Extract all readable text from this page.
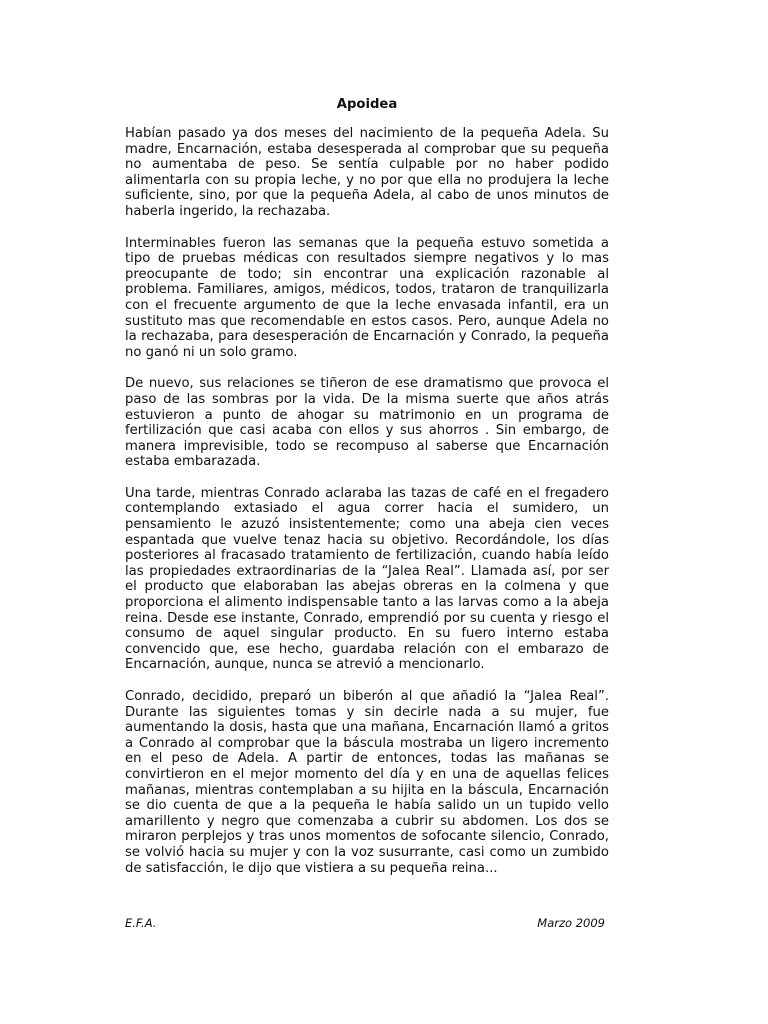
Apoidea

Habían pasado ya dos meses del nacimiento de la pequeña Adela. Su madre, Encarnación, estaba desesperada al comprobar que su pequeña no aumentaba de peso. Se sentía culpable por no haber podido alimentarla con su propia leche, y no por que ella no produjera la leche suficiente, sino, por que la pequeña Adela, al cabo de unos minutos de haberla ingerido, la rechazaba.

Interminables fueron las semanas que la pequeña estuvo sometida a tipo de pruebas médicas con resultados siempre negativos y lo mas preocupante de todo; sin encontrar una explicación razonable al problema. Familiares, amigos, médicos, todos, trataron de tranquilizarla con el frecuente argumento de que la leche envasada infantil, era un sustituto mas que recomendable en estos casos. Pero, aunque Adela no la rechazaba, para desesperación de Encarnación y Conrado, la pequeña no ganó ni un solo gramo.

De nuevo, sus relaciones se tiñeron de ese dramatismo que provoca el paso de las sombras por la vida. De la misma suerte que años atrás estuvieron a punto de ahogar su matrimonio en un programa de fertilización que casi acaba con ellos y sus ahorros . Sin embargo, de manera imprevisible, todo se recompuso al saberse que Encarnación estaba embarazada.

Una tarde, mientras Conrado aclaraba las tazas de café en el fregadero contemplando extasiado el agua correr hacia el sumidero, un pensamiento le azuzó insistentemente; como una abeja cien veces espantada que vuelve tenaz hacia su objetivo. Recordándole, los días posteriores al fracasado tratamiento de fertilización, cuando había leído las propiedades extraordinarias de la “Jalea Real”. Llamada así, por ser el producto que elaboraban las abejas obreras en la colmena y que proporciona el alimento indispensable tanto a las larvas como a la abeja reina. Desde ese instante, Conrado, emprendió por su cuenta y riesgo el consumo de aquel singular producto. En su fuero interno estaba convencido que, ese hecho, guardaba relación con el embarazo de Encarnación, aunque, nunca se atrevió a mencionarlo.

Conrado, decidido, preparó un biberón al que añadió la “Jalea Real”. Durante las siguientes tomas y sin decirle nada a su mujer, fue aumentando la dosis, hasta que una mañana, Encarnación llamó a gritos a Conrado al comprobar que la báscula mostraba un ligero incremento en el peso de Adela. A partir de entonces, todas las mañanas se convirtieron en el mejor momento del día y en una de aquellas felices mañanas, mientras contemplaban a su hijita en la báscula, Encarnación se dio cuenta de que a la pequeña le había salido un un tupido vello amarillento y negro que comenzaba a cubrir su abdomen. Los dos se miraron perplejos y tras unos momentos de sofocante silencio, Conrado, se volvió hacia su mujer y con la voz susurrante, casi como un zumbido de satisfacción, le dijo que vistiera a su pequeña reina...

E.F.A.	Marzo 2009
